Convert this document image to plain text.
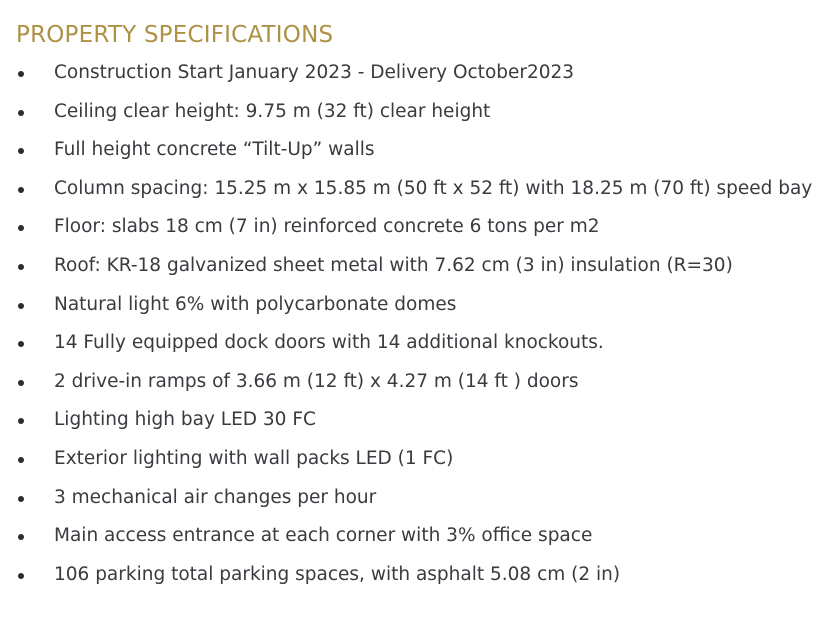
PROPERTY SPECIFICATIONS
Construction Start January 2023 - Delivery October2023
Ceiling clear height: 9.75 m (32 ft) clear height
Full height concrete “Tilt-Up” walls
Column spacing: 15.25 m x 15.85 m (50 ft x 52 ft) with 18.25 m (70 ft) speed bay
Floor: slabs 18 cm (7 in) reinforced concrete 6 tons per m2
Roof: KR-18 galvanized sheet metal with 7.62 cm (3 in) insulation (R=30)
Natural light 6% with polycarbonate domes
14 Fully equipped dock doors with 14 additional knockouts.
2 drive-in ramps of 3.66 m (12 ft) x 4.27 m (14 ft ) doors
Lighting high bay LED 30 FC
Exterior lighting with wall packs LED (1 FC)
3 mechanical air changes per hour
Main access entrance at each corner with 3% office space
106 parking total parking spaces, with asphalt 5.08 cm (2 in)
